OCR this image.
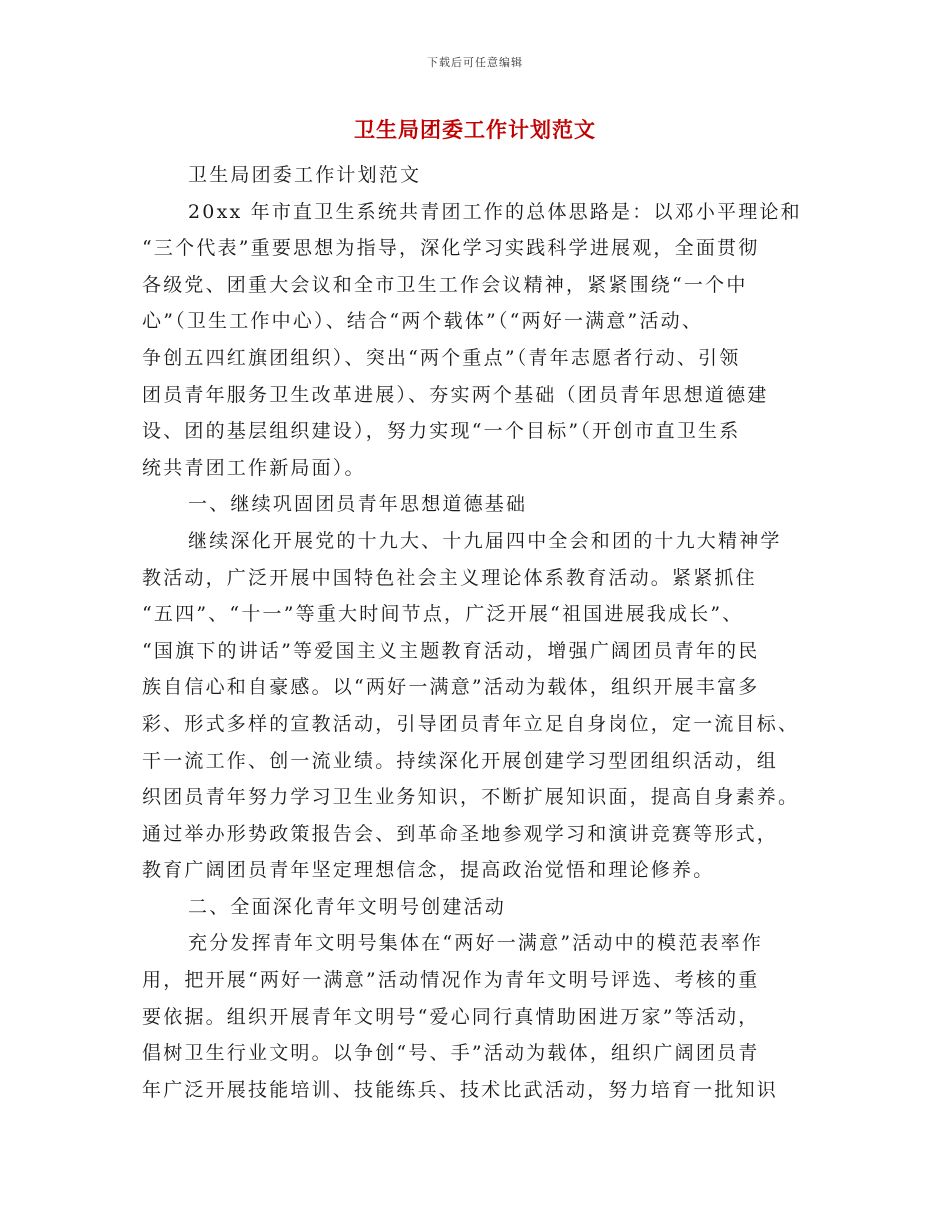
下载后可任意编辑
卫生局团委工作计划范文
卫生局团委工作计划范文
20xx 年市直卫生系统共青团工作的总体思路是：以邓小平理论和
“三个代表”重要思想为指导，深化学习实践科学进展观，全面贯彻
各级党、团重大会议和全市卫生工作会议精神，紧紧围绕“一个中
心”（卫生工作中心）、结合“两个载体”（“两好一满意”活动、
争创五四红旗团组织）、突出“两个重点”（青年志愿者行动、引领
团员青年服务卫生改革进展）、夯实两个基础（团员青年思想道德建
设、团的基层组织建设），努力实现“一个目标”（开创市直卫生系
统共青团工作新局面）。
一、继续巩固团员青年思想道德基础
继续深化开展党的十九大、十九届四中全会和团的十九大精神学
教活动，广泛开展中国特色社会主义理论体系教育活动。紧紧抓住
“五四”、“十一”等重大时间节点，广泛开展“祖国进展我成长”、
“国旗下的讲话”等爱国主义主题教育活动，增强广阔团员青年的民
族自信心和自豪感。以“两好一满意”活动为载体，组织开展丰富多
彩、形式多样的宣教活动，引导团员青年立足自身岗位，定一流目标、
干一流工作、创一流业绩。持续深化开展创建学习型团组织活动，组
织团员青年努力学习卫生业务知识，不断扩展知识面，提高自身素养。
通过举办形势政策报告会、到革命圣地参观学习和演讲竞赛等形式，
教育广阔团员青年坚定理想信念，提高政治觉悟和理论修养。
二、全面深化青年文明号创建活动
充分发挥青年文明号集体在“两好一满意”活动中的模范表率作
用，把开展“两好一满意”活动情况作为青年文明号评选、考核的重
要依据。组织开展青年文明号“爱心同行真情助困进万家”等活动，
倡树卫生行业文明。以争创“号、手”活动为载体，组织广阔团员青
年广泛开展技能培训、技能练兵、技术比武活动，努力培育一批知识
